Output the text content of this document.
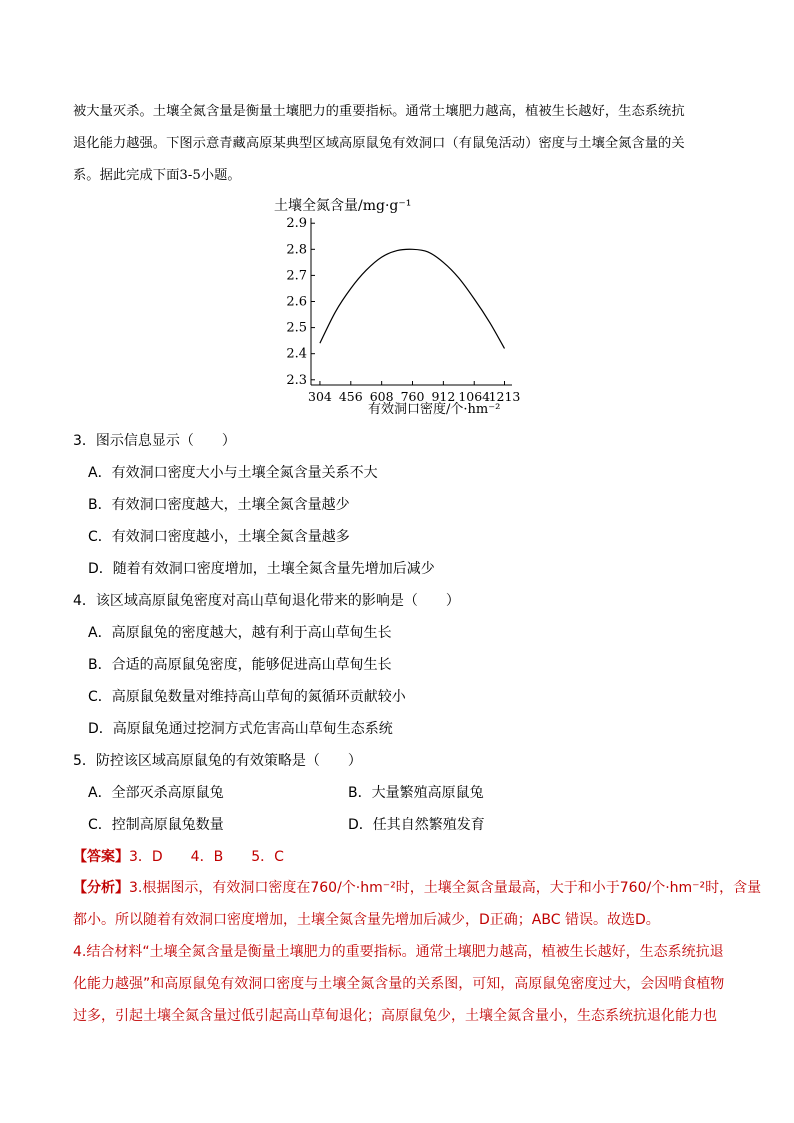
被大量灭杀。土壤全氮含量是衡量土壤肥力的重要指标。通常土壤肥力越高，植被生长越好，生态系统抗
退化能力越强。下图示意青藏高原某典型区域高原鼠兔有效洞口（有鼠兔活动）密度与土壤全氮含量的关
系。据此完成下面3-5小题。
土壤全氮含量/mg·g⁻¹
2.9
2.8
2.7
2.6
2.5
2.4
2.3
304 456 608 760 912 1064
1213
有效洞口密度/个·hm⁻²
3．图示信息显示（　　）
A．有效洞口密度大小与土壤全氮含量关系不大
B．有效洞口密度越大，土壤全氮含量越少
C．有效洞口密度越小，土壤全氮含量越多
D．随着有效洞口密度增加，土壤全氮含量先增加后减少
4．该区域高原鼠兔密度对高山草甸退化带来的影响是（　　）
A．高原鼠兔的密度越大，越有利于高山草甸生长
B．合适的高原鼠兔密度，能够促进高山草甸生长
C．高原鼠兔数量对维持高山草甸的氮循环贡献较小
D．高原鼠兔通过挖洞方式危害高山草甸生态系统
5．防控该区域高原鼠兔的有效策略是（　　）
A．全部灭杀高原鼠兔	B．大量繁殖高原鼠兔
C．控制高原鼠兔数量	D．任其自然繁殖发育
【答案】3．D　　4．B　　5．C
【分析】3.根据图示，有效洞口密度在760/个·hm⁻²时，土壤全氮含量最高，大于和小于760/个·hm⁻²时，含量
都小。所以随着有效洞口密度增加，土壤全氮含量先增加后减少，D正确；ABC 错误。故选D。
4.结合材料“土壤全氮含量是衡量土壤肥力的重要指标。通常土壤肥力越高，植被生长越好，生态系统抗退
化能力越强”和高原鼠兔有效洞口密度与土壤全氮含量的关系图，可知，高原鼠兔密度过大，会因啃食植物
过多，引起土壤全氮含量过低引起高山草甸退化；高原鼠兔少，土壤全氮含量小，生态系统抗退化能力也
